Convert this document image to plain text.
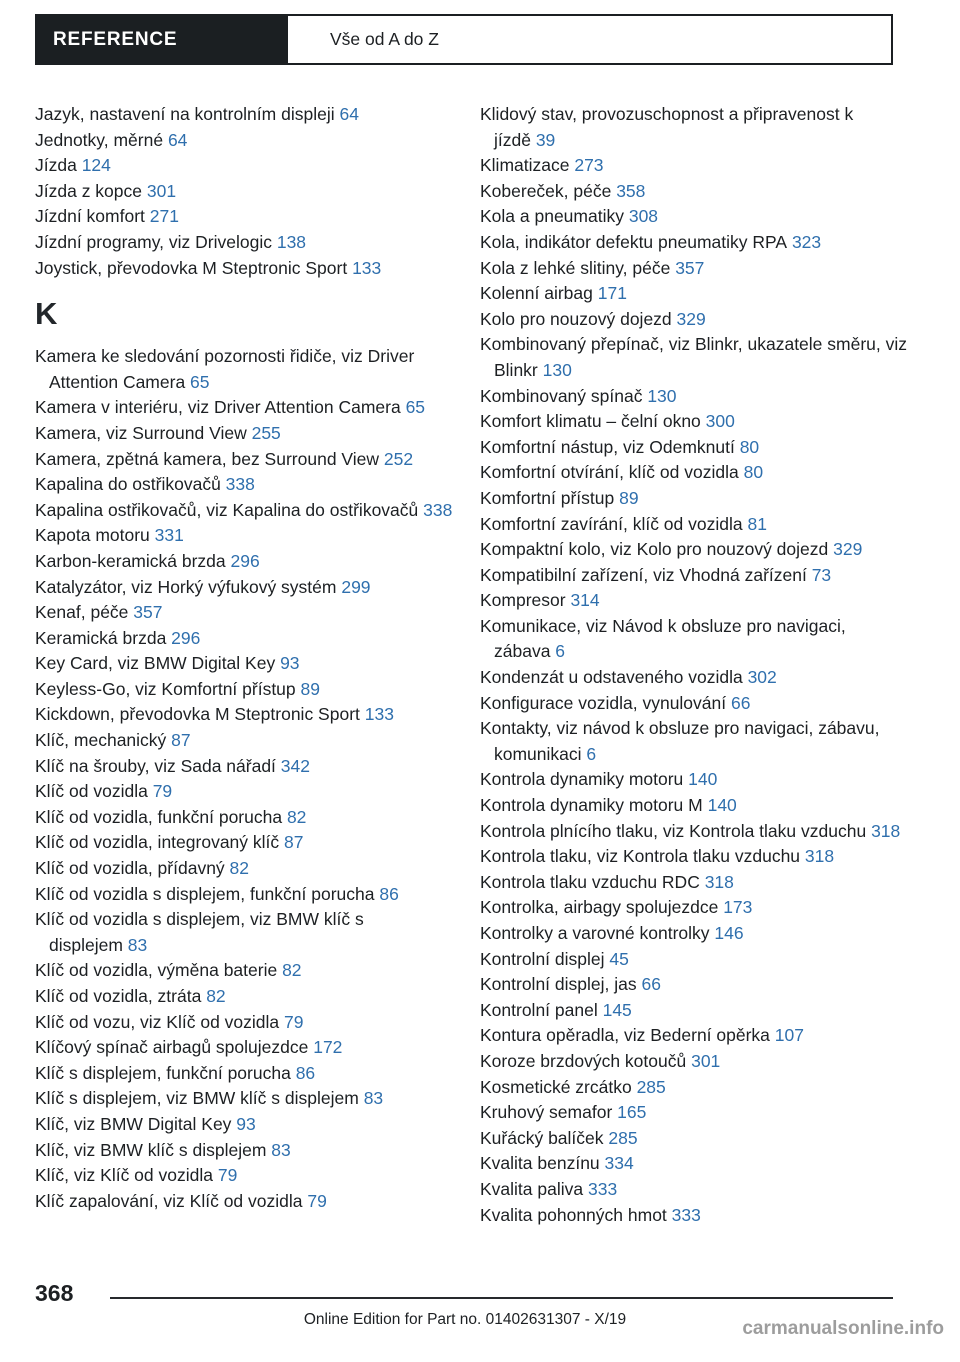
REFERENCE	Vše od A do Z
Jazyk, nastavení na kontrolním displeji 64
Jednotky, měrné 64
Jízda 124
Jízda z kopce 301
Jízdní komfort 271
Jízdní programy, viz Drivelogic 138
Joystick, převodovka M Steptronic Sport 133
K
Kamera ke sledování pozornosti řidiče, viz Driver Attention Camera 65
Kamera v interiéru, viz Driver Attention Camera 65
Kamera, viz Surround View 255
Kamera, zpětná kamera, bez Surround View 252
Kapalina do ostřikovačů 338
Kapalina ostřikovačů, viz Kapalina do ostřikovačů 338
Kapota motoru 331
Karbon-keramická brzda 296
Katalyzátor, viz Horký výfukový systém 299
Kenaf, péče 357
Keramická brzda 296
Key Card, viz BMW Digital Key 93
Keyless-Go, viz Komfortní přístup 89
Kickdown, převodovka M Steptronic Sport 133
Klíč, mechanický 87
Klíč na šrouby, viz Sada nářadí 342
Klíč od vozidla 79
Klíč od vozidla, funkční porucha 82
Klíč od vozidla, integrovaný klíč 87
Klíč od vozidla, přídavný 82
Klíč od vozidla s displejem, funkční porucha 86
Klíč od vozidla s displejem, viz BMW klíč s displejem 83
Klíč od vozidla, výměna baterie 82
Klíč od vozidla, ztráta 82
Klíč od vozu, viz Klíč od vozidla 79
Klíčový spínač airbagů spolujezdce 172
Klíč s displejem, funkční porucha 86
Klíč s displejem, viz BMW klíč s displejem 83
Klíč, viz BMW Digital Key 93
Klíč, viz BMW klíč s displejem 83
Klíč, viz Klíč od vozidla 79
Klíč zapalování, viz Klíč od vozidla 79
Klidový stav, provozuschopnost a připravenost k jízdě 39
Klimatizace 273
Kobereček, péče 358
Kola a pneumatiky 308
Kola, indikátor defektu pneumatiky RPA 323
Kola z lehké slitiny, péče 357
Kolenní airbag 171
Kolo pro nouzový dojezd 329
Kombinovaný přepínač, viz Blinkr, ukazatele směru, viz Blinkr 130
Kombinovaný spínač 130
Komfort klimatu – čelní okno 300
Komfortní nástup, viz Odemknutí 80
Komfortní otvírání, klíč od vozidla 80
Komfortní přístup 89
Komfortní zavírání, klíč od vozidla 81
Kompaktní kolo, viz Kolo pro nouzový dojezd 329
Kompatibilní zařízení, viz Vhodná zařízení 73
Kompresor 314
Komunikace, viz Návod k obsluze pro navigaci, zábava 6
Kondenzát u odstaveného vozidla 302
Konfigurace vozidla, vynulování 66
Kontakty, viz návod k obsluze pro navigaci, zábavu, komunikaci 6
Kontrola dynamiky motoru 140
Kontrola dynamiky motoru M 140
Kontrola plnícího tlaku, viz Kontrola tlaku vzduchu 318
Kontrola tlaku, viz Kontrola tlaku vzduchu 318
Kontrola tlaku vzduchu RDC 318
Kontrolka, airbagy spolujezdce 173
Kontrolky a varovné kontrolky 146
Kontrolní displej 45
Kontrolní displej, jas 66
Kontrolní panel 145
Kontura opěradla, viz Bederní opěrka 107
Koroze brzdových kotoučů 301
Kosmetické zrcátko 285
Kruhový semafor 165
Kuřácký balíček 285
Kvalita benzínu 334
Kvalita paliva 333
Kvalita pohonných hmot 333
368
Online Edition for Part no. 01402631307 - X/19	carmanualsonline.info
